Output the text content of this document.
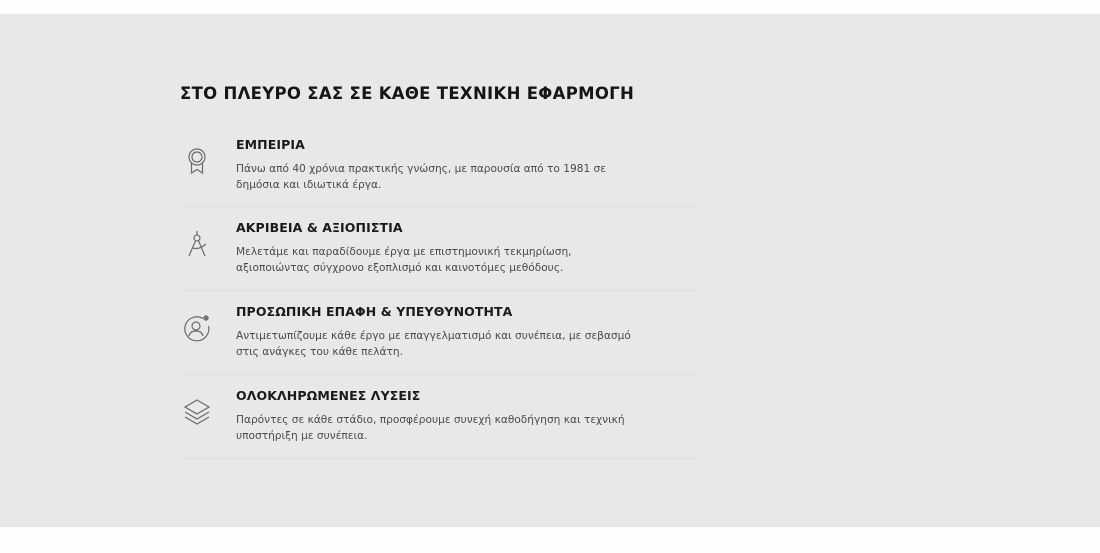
ΣΤΟ ΠΛΕΥΡΟ ΣΑΣ ΣΕ ΚΑΘΕ ΤΕΧΝΙΚΗ ΕΦΑΡΜΟΓΗ
ΕΜΠΕΙΡΙΑ

Πάνω από 40 χρόνια πρακτικής γνώσης, με παρουσία από το 1981 σε δημόσια και ιδιωτικά έργα.

ΑΚΡΙΒΕΙΑ & ΑΞΙΟΠΙΣΤΙΑ

Μελετάμε και παραδίδουμε έργα με επιστημονική τεκμηρίωση, αξιοποιώντας σύγχρονο εξοπλισμό και καινοτόμες μεθόδους.

ΠΡΟΣΩΠΙΚΗ ΕΠΑΦΗ & ΥΠΕΥΘΥΝΟΤΗΤΑ

Αντιμετωπίζουμε κάθε έργο με επαγγελματισμό και συνέπεια, με σεβασμό στις ανάγκες του κάθε πελάτη.

ΟΛΟΚΛΗΡΩΜΕΝΕΣ ΛΥΣΕΙΣ

Παρόντες σε κάθε στάδιο, προσφέρουμε συνεχή καθοδήγηση και τεχνική υποστήριξη με συνέπεια.
